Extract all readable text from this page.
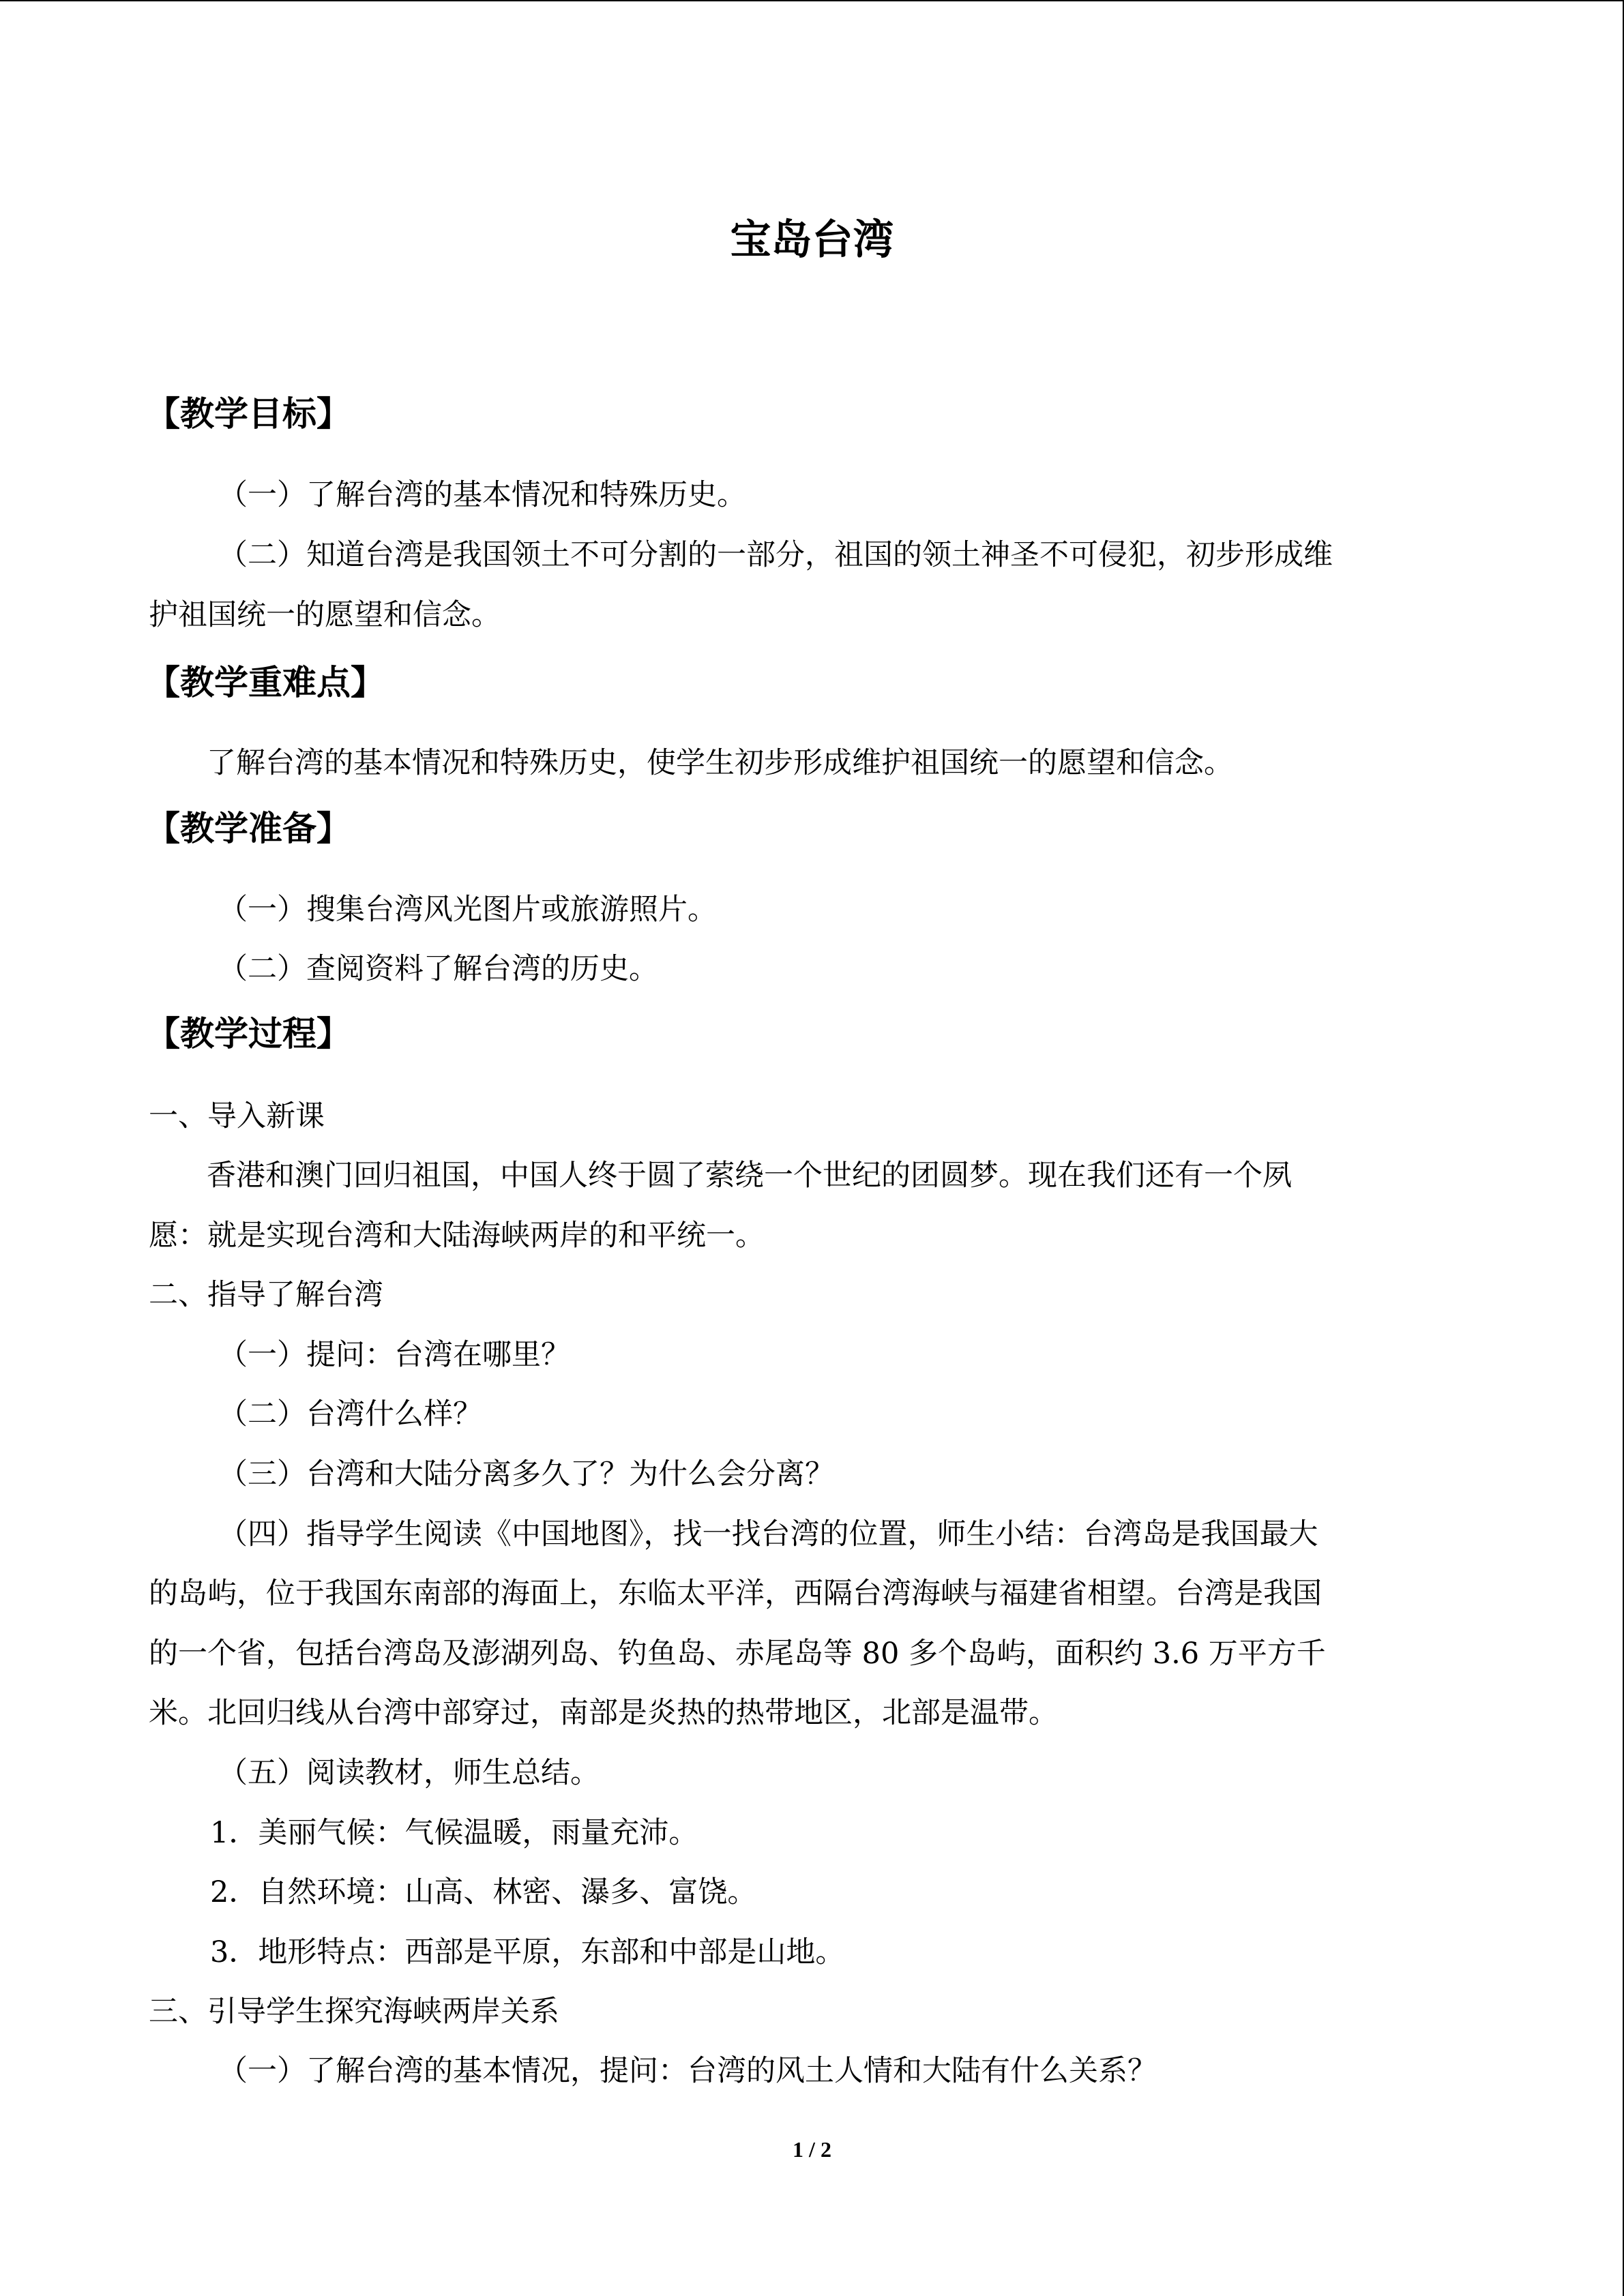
宝岛台湾
【教学目标】
（一）了解台湾的基本情况和特殊历史。
（二）知道台湾是我国领土不可分割的一部分，祖国的领土神圣不可侵犯，初步形成维
护祖国统一的愿望和信念。
【教学重难点】
了解台湾的基本情况和特殊历史，使学生初步形成维护祖国统一的愿望和信念。
【教学准备】
（一）搜集台湾风光图片或旅游照片。
（二）查阅资料了解台湾的历史。
【教学过程】
一、导入新课
香港和澳门回归祖国，中国人终于圆了萦绕一个世纪的团圆梦。现在我们还有一个夙
愿：就是实现台湾和大陆海峡两岸的和平统一。
二、指导了解台湾
（一）提问：台湾在哪里？
（二）台湾什么样？
（三）台湾和大陆分离多久了？为什么会分离？
（四）指导学生阅读《中国地图》，找一找台湾的位置，师生小结：台湾岛是我国最大
的岛屿，位于我国东南部的海面上，东临太平洋，西隔台湾海峡与福建省相望。台湾是我国
的一个省，包括台湾岛及澎湖列岛、钓鱼岛、赤尾岛等 80 多个岛屿，面积约 3.6 万平方千
米。北回归线从台湾中部穿过，南部是炎热的热带地区，北部是温带。
（五）阅读教材，师生总结。
1．美丽气候：气候温暖，雨量充沛。
2．自然环境：山高、林密、瀑多、富饶。
3．地形特点：西部是平原，东部和中部是山地。
三、引导学生探究海峡两岸关系
（一）了解台湾的基本情况，提问：台湾的风土人情和大陆有什么关系？
1 / 2
